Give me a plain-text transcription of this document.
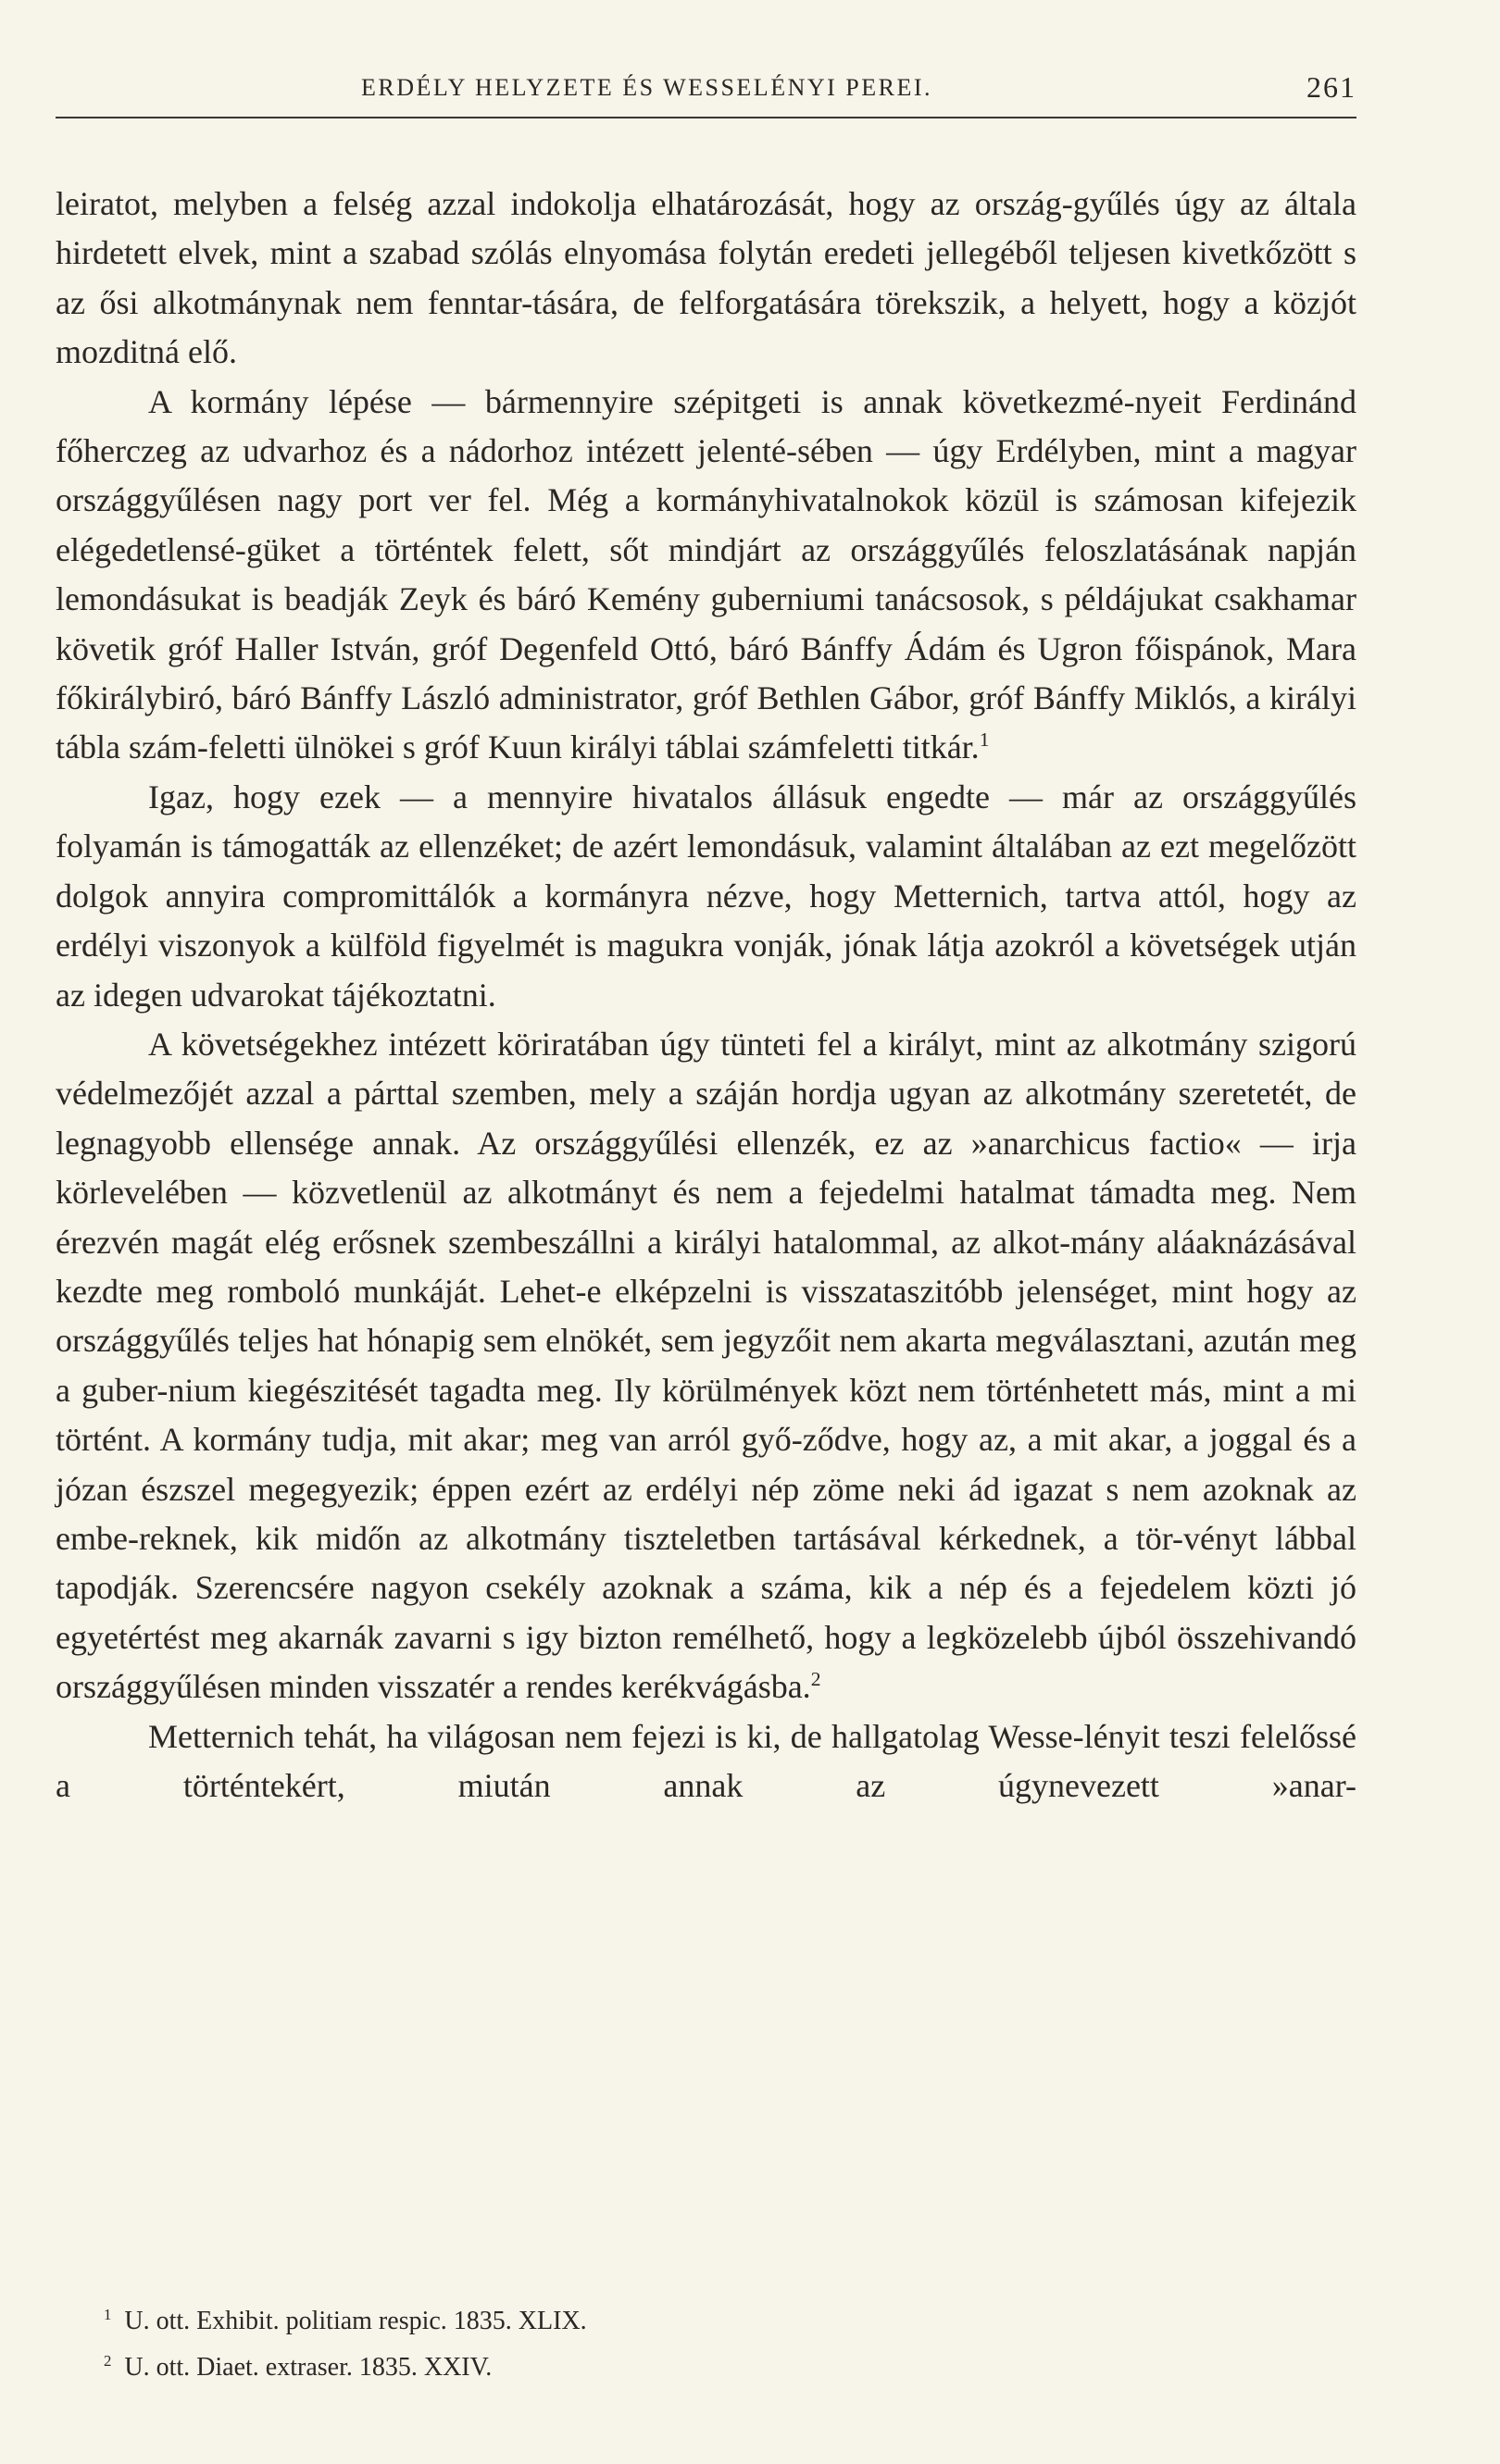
ERDÉLY HELYZETE ÉS WESSELÉNYI PEREI.	261

leiratot, melyben a felség azzal indokolja elhatározását, hogy az ország-gyűlés úgy az általa hirdetett elvek, mint a szabad szólás elnyomása folytán eredeti jellegéből teljesen kivetkőzött s az ősi alkotmánynak nem fenntar-tására, de felforgatására törekszik, a helyett, hogy a közjót mozditná elő.

A kormány lépése — bármennyire szépitgeti is annak következmé-nyeit Ferdinánd főherczeg az udvarhoz és a nádorhoz intézett jelenté-sében — úgy Erdélyben, mint a magyar országgyűlésen nagy port ver fel. Még a kormányhivatalnokok közül is számosan kifejezik elégedetlensé-güket a történtek felett, sőt mindjárt az országgyűlés feloszlatásának napján lemondásukat is beadják Zeyk és báró Kemény guberniumi tanácsosok, s példájukat csakhamar követik gróf Haller István, gróf Degenfeld Ottó, báró Bánffy Ádám és Ugron főispánok, Mara főkirálybiró, báró Bánffy László administrator, gróf Bethlen Gábor, gróf Bánffy Miklós, a királyi tábla szám-feletti ülnökei s gróf Kuun királyi táblai számfeletti titkár.$^1$

Igaz, hogy ezek — a mennyire hivatalos állásuk engedte — már az országgyűlés folyamán is támogatták az ellenzéket; de azért lemondásuk, valamint általában az ezt megelőzött dolgok annyira compromittálók a kormányra nézve, hogy Metternich, tartva attól, hogy az erdélyi viszonyok a külföld figyelmét is magukra vonják, jónak látja azokról a követségek utján az idegen udvarokat tájékoztatni.

A követségekhez intézett köriratában úgy tünteti fel a királyt, mint az alkotmány szigorú védelmezőjét azzal a párttal szemben, mely a száján hordja ugyan az alkotmány szeretetét, de legnagyobb ellensége annak. Az országgyűlési ellenzék, ez az »anarchicus factio« — irja körlevelében — közvetlenül az alkotmányt és nem a fejedelmi hatalmat támadta meg. Nem érezvén magát elég erősnek szembeszállni a királyi hatalommal, az alkot-mány aláaknázásával kezdte meg romboló munkáját. Lehet-e elképzelni is visszataszitóbb jelenséget, mint hogy az országgyűlés teljes hat hónapig sem elnökét, sem jegyzőit nem akarta megválasztani, azután meg a guber-nium kiegészitését tagadta meg. Ily körülmények közt nem történhetett más, mint a mi történt. A kormány tudja, mit akar; meg van arról győ-ződve, hogy az, a mit akar, a joggal és a józan észszel megegyezik; éppen ezért az erdélyi nép zöme neki ád igazat s nem azoknak az embe-reknek, kik midőn az alkotmány tiszteletben tartásával kérkednek, a tör-vényt lábbal tapodják. Szerencsére nagyon csekély azoknak a száma, kik a nép és a fejedelem közti jó egyetértést meg akarnák zavarni s igy bizton remélhető, hogy a legközelebb újból összehivandó országgyűlésen minden visszatér a rendes kerékvágásba.$^2$

Metternich tehát, ha világosan nem fejezi is ki, de hallgatolag Wesse-lényit teszi felelőssé a történtekért, miután annak az úgynevezett »anar-

$^1$ U. ott. Exhibit. politiam respic. 1835. XLIX.

$^2$ U. ott. Diaet. extraser. 1835. XXIV.
